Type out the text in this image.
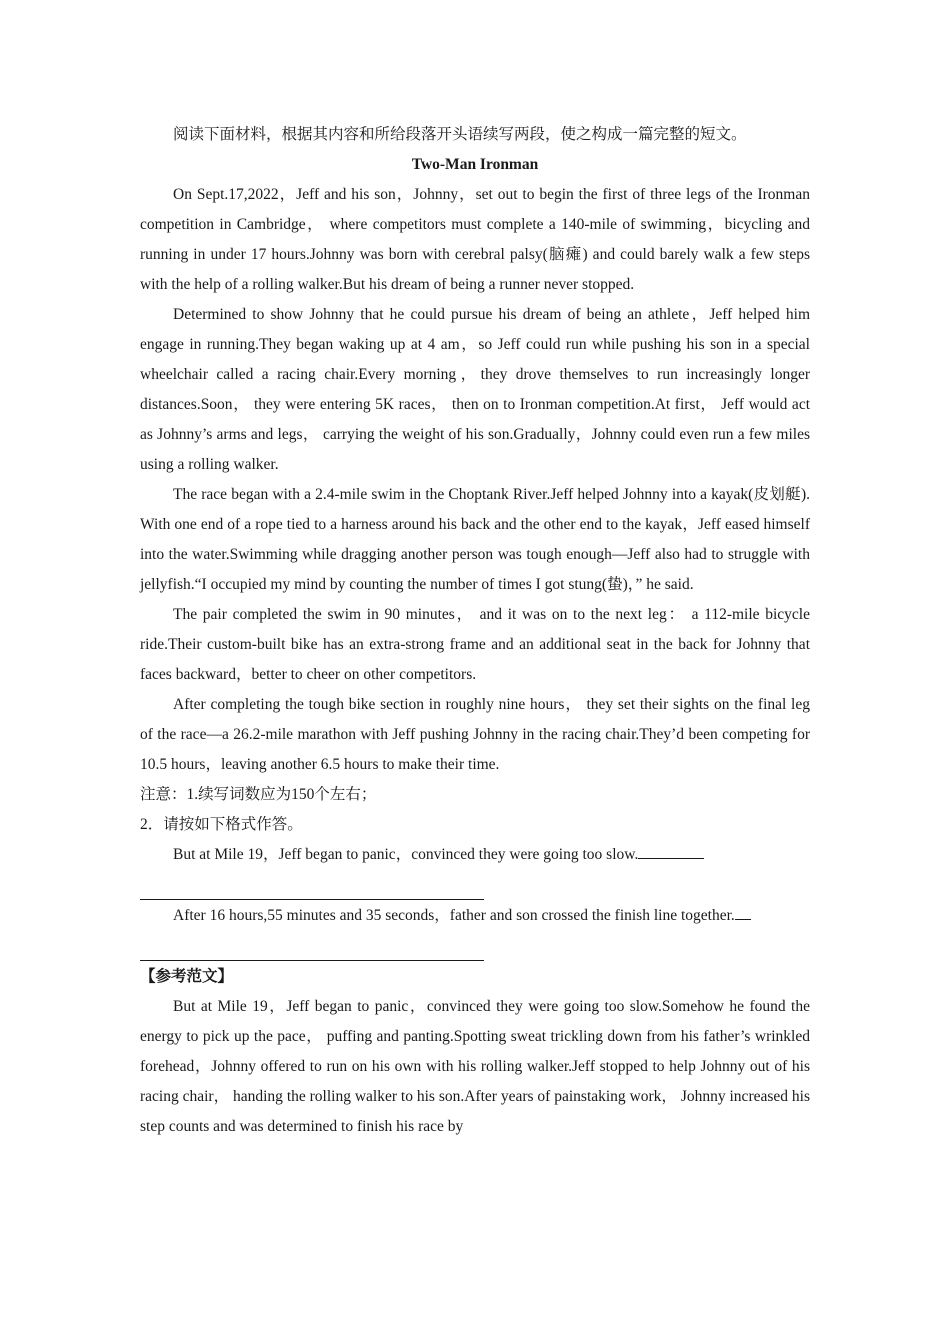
阅读下面材料，根据其内容和所给段落开头语续写两段，使之构成一篇完整的短文。

Two-Man Ironman

On Sept.17,2022，Jeff and his son，Johnny，set out to begin the first of three legs of the Ironman competition in Cambridge， where competitors must complete a 140-mile of swimming，bicycling and running in under 17 hours.Johnny was born with cerebral palsy(脑瘫) and could barely walk a few steps with the help of a rolling walker.But his dream of being a runner never stopped.

Determined to show Johnny that he could pursue his dream of being an athlete，Jeff helped him engage in running.They began waking up at 4 am，so Jeff could run while pushing his son in a special wheelchair called a racing chair.Every morning，they drove themselves to run increasingly longer distances.Soon， they were entering 5K races， then on to Ironman competition.At first， Jeff would act as Johnny’s arms and legs， carrying the weight of his son.Gradually，Johnny could even run a few miles using a rolling walker.

The race began with a 2.4-mile swim in the Choptank River.Jeff helped Johnny into a kayak(皮划艇). With one end of a rope tied to a harness around his back and the other end to the kayak，Jeff eased himself into the water.Swimming while dragging another person was tough enough—Jeff also had to struggle with jellyfish.“I occupied my mind by counting the number of times I got stung(蛰)，” he said.

The pair completed the swim in 90 minutes， and it was on to the next leg： a 112-mile bicycle ride.Their custom-built bike has an extra-strong frame and an additional seat in the back for Johnny that faces backward，better to cheer on other competitors.

After completing the tough bike section in roughly nine hours， they set their sights on the final leg of the race—a 26.2-mile marathon with Jeff pushing Johnny in the racing chair.They’d been competing for 10.5 hours，leaving another 6.5 hours to make their time.

注意：1.续写词数应为150个左右；

2．请按如下格式作答。

But at Mile 19，Jeff began to panic，convinced they were going too slow.

After 16 hours,55 minutes and 35 seconds，father and son crossed the finish line together.

【参考范文】

But at Mile 19，Jeff began to panic，convinced they were going too slow.Somehow he found the energy to pick up the pace， puffing and panting.Spotting sweat trickling down from his father’s wrinkled forehead，Johnny offered to run on his own with his rolling walker.Jeff stopped to help Johnny out of his racing chair， handing the rolling walker to his son.After years of painstaking work， Johnny increased his step counts and was determined to finish his race by
